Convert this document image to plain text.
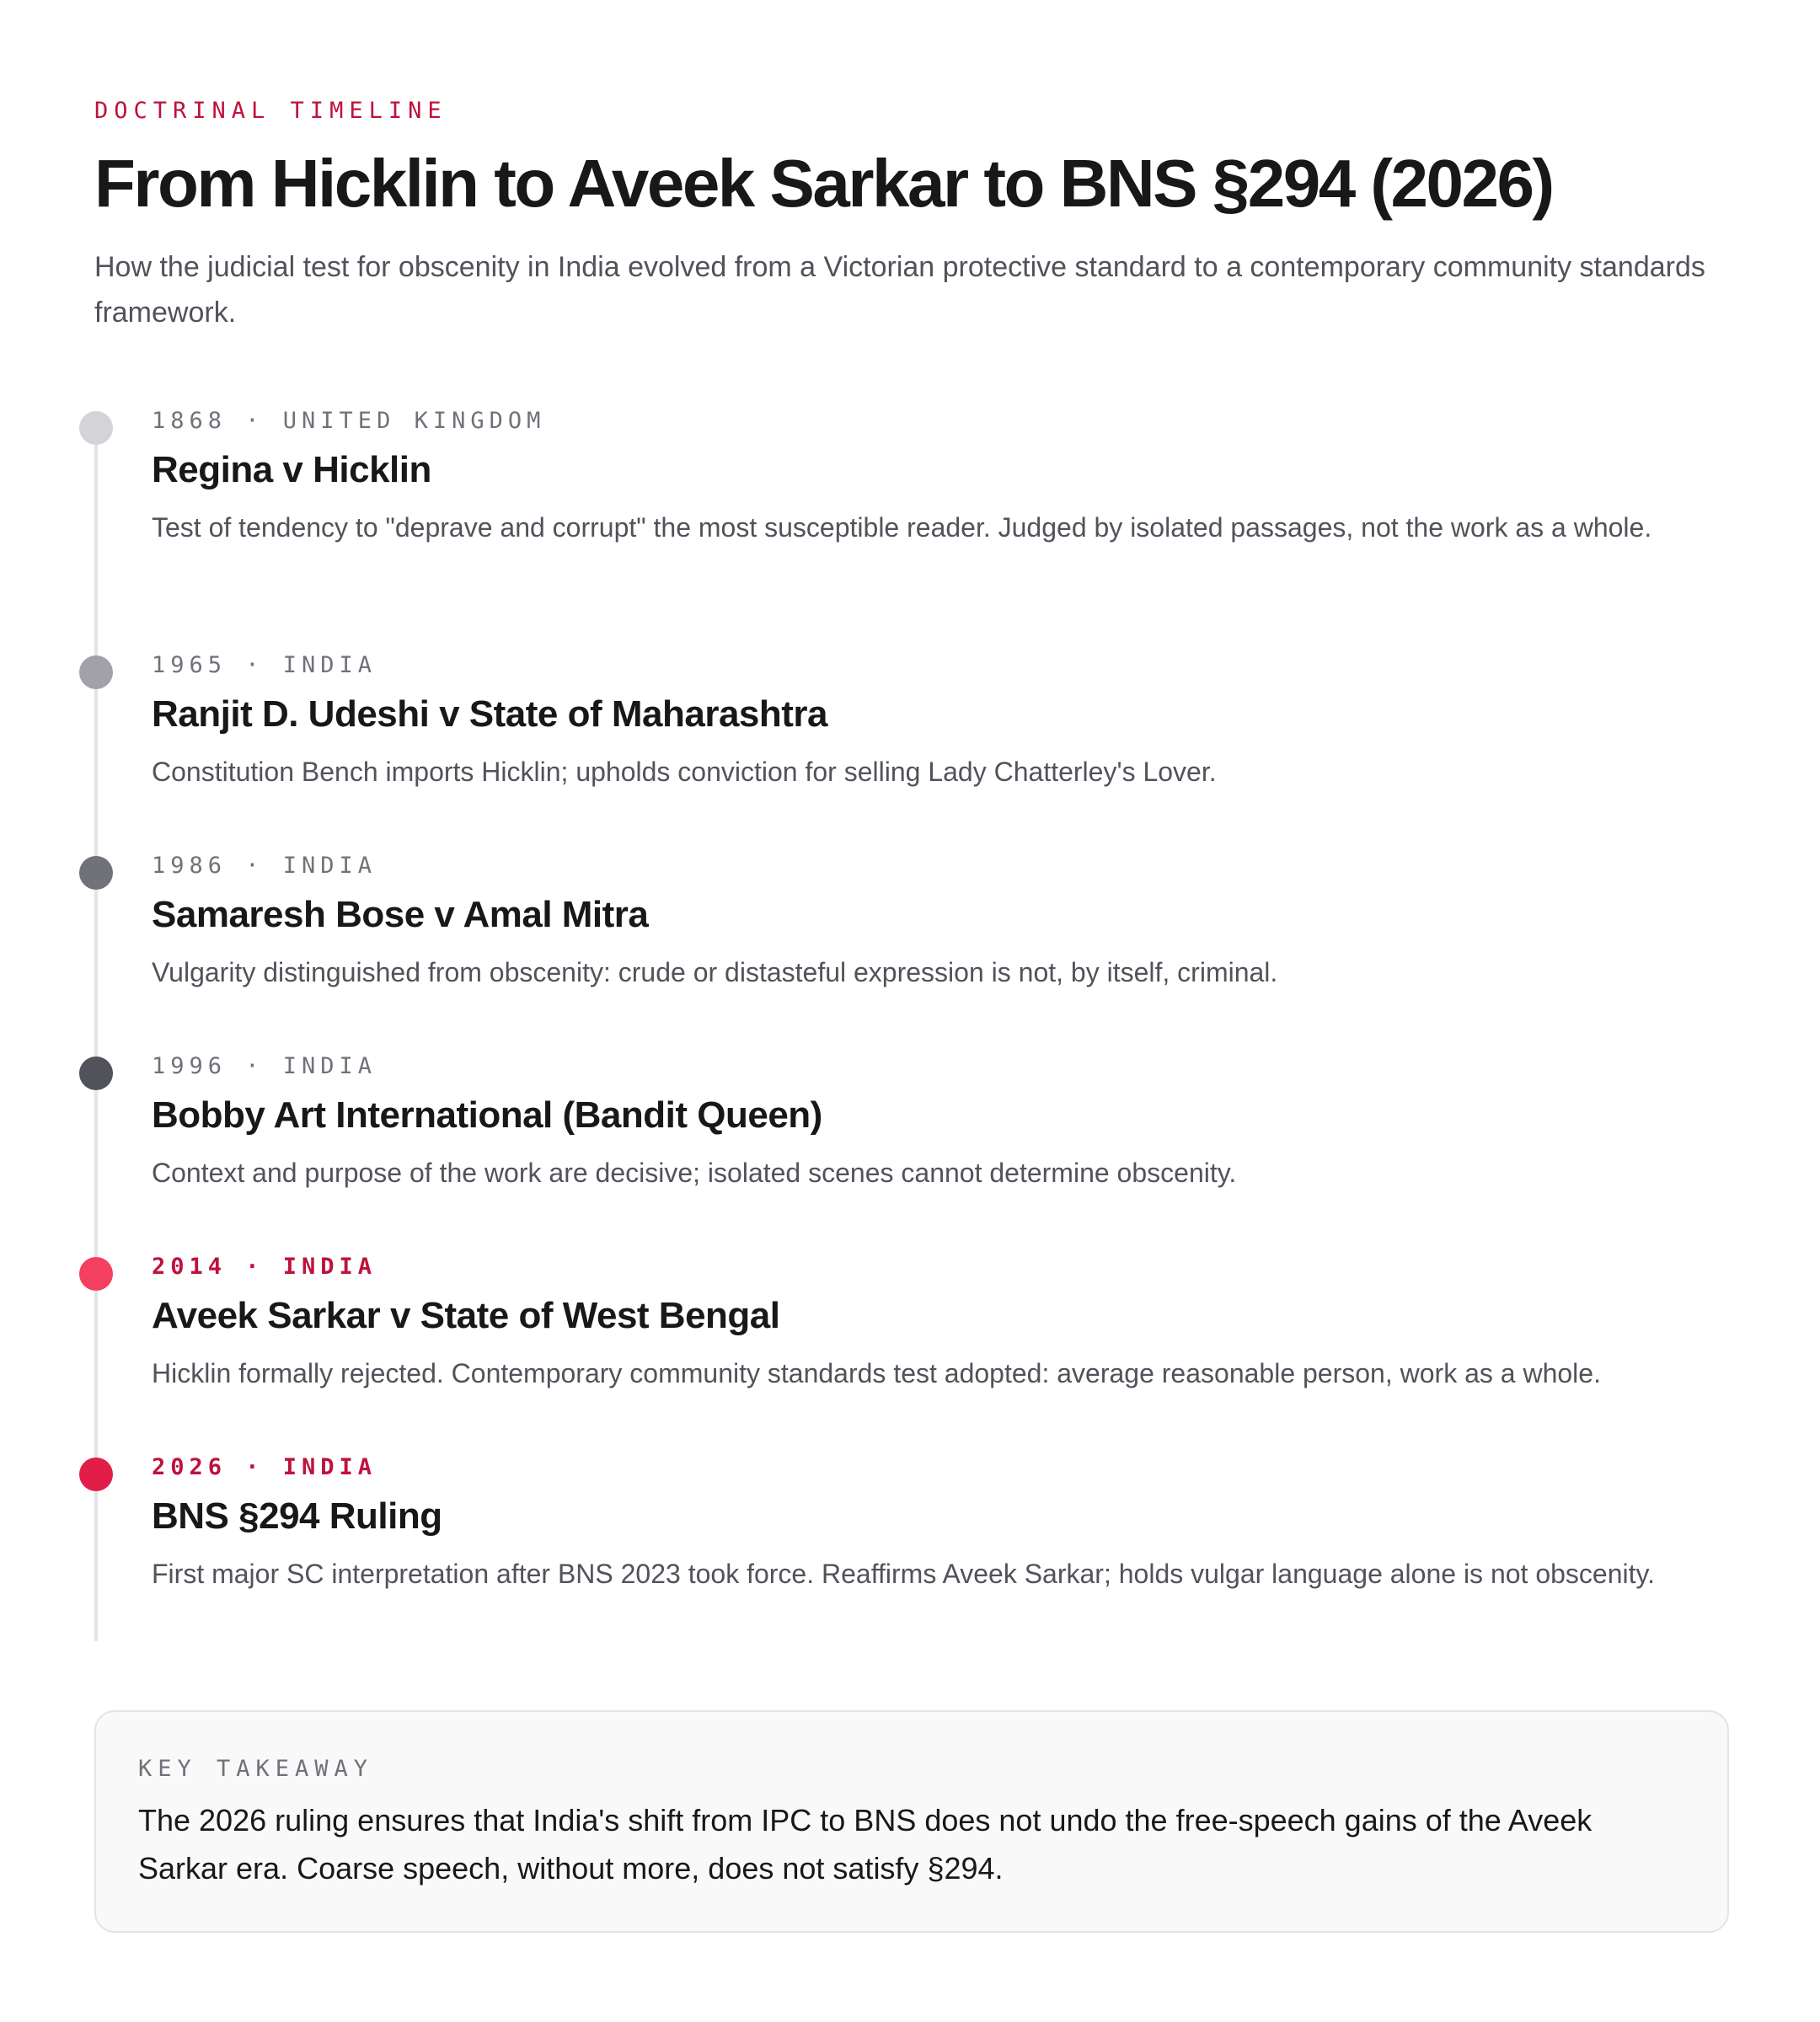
DOCTRINAL TIMELINE
From Hicklin to Aveek Sarkar to BNS §294 (2026)

How the judicial test for obscenity in India evolved from a Victorian protective standard to a contemporary community standards framework.

1868 · UNITED KINGDOM
Regina v Hicklin

Test of tendency to "deprave and corrupt" the most susceptible reader. Judged by isolated passages, not the work as a whole.

1965 · INDIA
Ranjit D. Udeshi v State of Maharashtra

Constitution Bench imports Hicklin; upholds conviction for selling Lady Chatterley's Lover.

1986 · INDIA
Samaresh Bose v Amal Mitra

Vulgarity distinguished from obscenity: crude or distasteful expression is not, by itself, criminal.

1996 · INDIA
Bobby Art International (Bandit Queen)

Context and purpose of the work are decisive; isolated scenes cannot determine obscenity.

2014 · INDIA
Aveek Sarkar v State of West Bengal

Hicklin formally rejected. Contemporary community standards test adopted: average reasonable person, work as a whole.

2026 · INDIA
BNS §294 Ruling

First major SC interpretation after BNS 2023 took force. Reaffirms Aveek Sarkar; holds vulgar language alone is not obscenity.

KEY TAKEAWAY

The 2026 ruling ensures that India's shift from IPC to BNS does not undo the free-speech gains of the Aveek Sarkar era. Coarse speech, without more, does not satisfy §294.
